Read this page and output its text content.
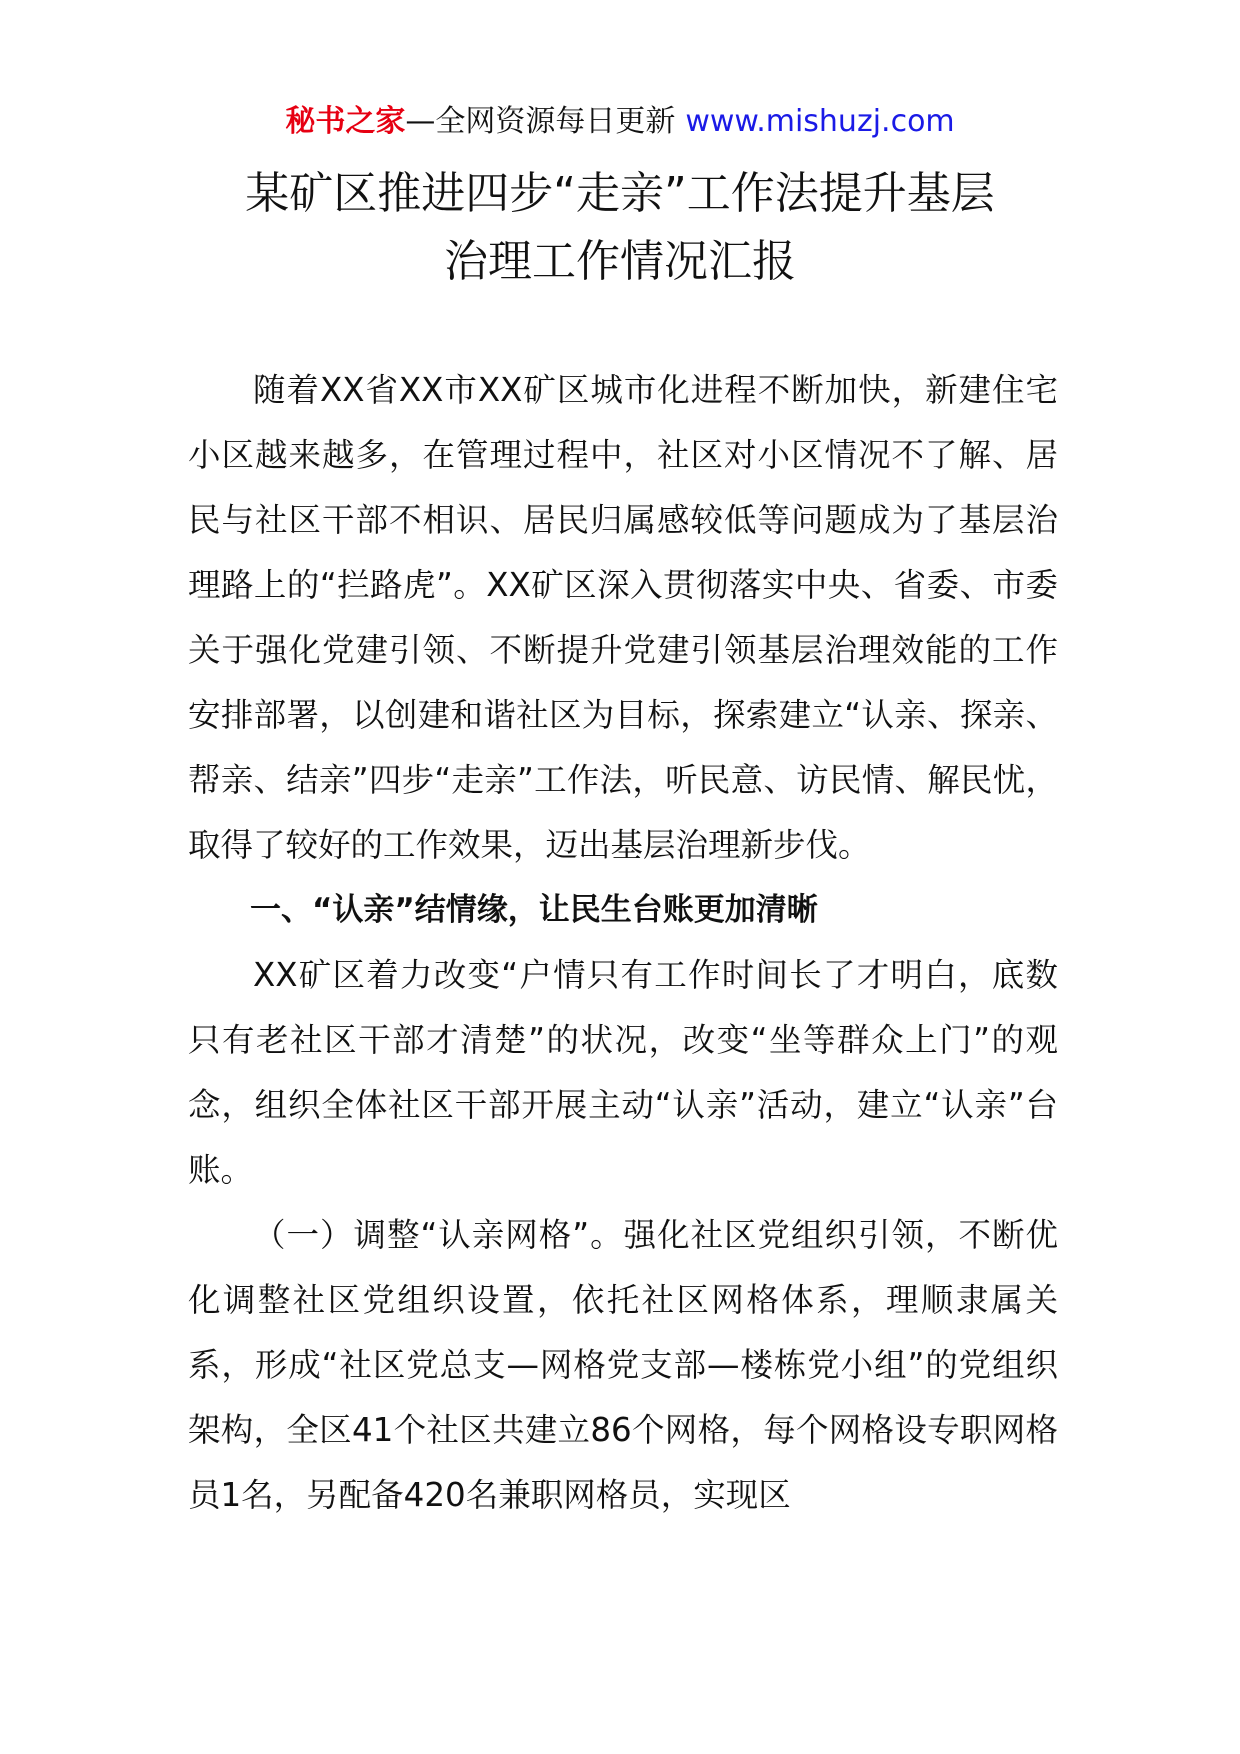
秘书之家—全网资源每日更新 www.mishuzj.com
某矿区推进四步“走亲”工作法提升基层
治理工作情况汇报

随着XX省XX市XX矿区城市化进程不断加快，新建住宅小区越来越多，在管理过程中，社区对小区情况不了解、居民与社区干部不相识、居民归属感较低等问题成为了基层治理路上的“拦路虎”。XX矿区深入贯彻落实中央、省委、市委关于强化党建引领、不断提升党建引领基层治理效能的工作安排部署，以创建和谐社区为目标，探索建立“认亲、探亲、帮亲、结亲”四步“走亲”工作法，听民意、访民情、解民忧，取得了较好的工作效果，迈出基层治理新步伐。

一、“认亲”结情缘，让民生台账更加清晰

XX矿区着力改变“户情只有工作时间长了才明白，底数只有老社区干部才清楚”的状况，改变“坐等群众上门”的观念，组织全体社区干部开展主动“认亲”活动，建立“认亲”台账。

（一）调整“认亲网格”。强化社区党组织引领，不断优化调整社区党组织设置，依托社区网格体系，理顺隶属关系，形成“社区党总支—网格党支部—楼栋党小组”的党组织架构，全区41个社区共建立86个网格，每个网格设专职网格员1名，另配备420名兼职网格员，实现区
